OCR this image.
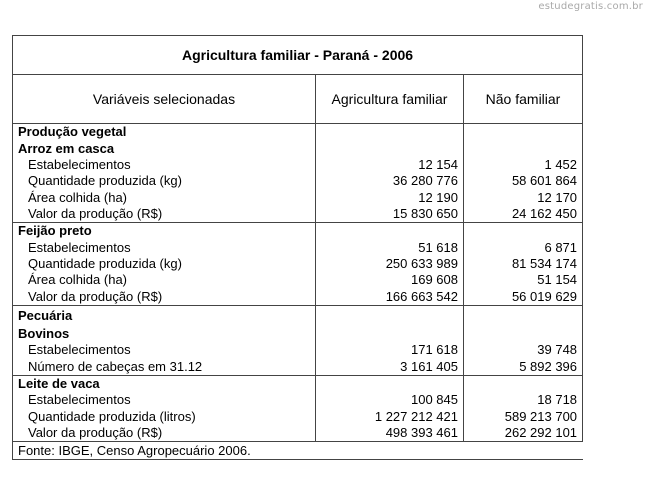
estudegratis.com.br
Agricultura familiar - Paraná - 2006		
Variáveis selecionadas	Agricultura familiar	Não familiar
Produção vegetal		
Arroz em casca		
Estabelecimentos	12 154	1 452
Quantidade produzida (kg)	36 280 776	58 601 864
Área colhida (ha)	12 190	12 170
Valor da produção (R$)	15 830 650	24 162 450
Feijão preto		
Estabelecimentos	51 618	6 871
Quantidade produzida (kg)	250 633 989	81 534 174
Área colhida (ha)	169 608	51 154
Valor da produção (R$)	166 663 542	56 019 629
Pecuária		
Bovinos		
Estabelecimentos	171 618	39 748
Número de cabeças em 31.12	3 161 405	5 892 396
Leite de vaca		
Estabelecimentos	100 845	18 718
Quantidade produzida (litros)	1 227 212 421	589 213 700
Valor da produção (R$)	498 393 461	262 292 101
Fonte: IBGE, Censo Agropecuário 2006.		
